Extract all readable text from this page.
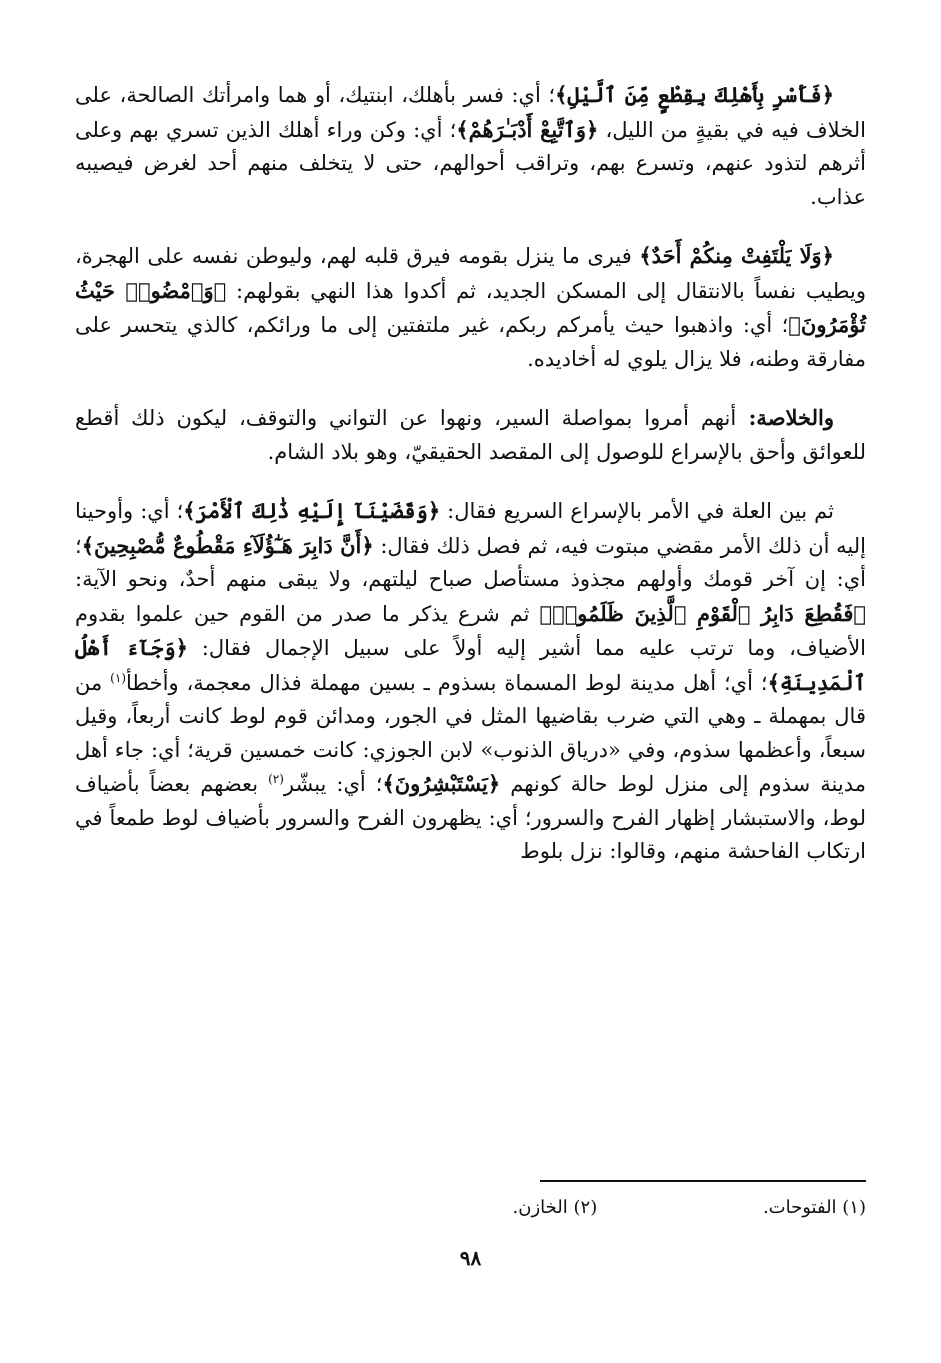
﴿فَأَسْرِ بِأَهْلِكَ بِقِطْعٍ مِّنَ ٱلَّيْلِ﴾؛ أي: فسر بأهلك، ابنتيك، أو هما وامرأتك الصالحة، على الخلاف فيه في بقيةٍ من الليل، ﴿وَٱتَّبِعْ أَدْبَـٰرَهُمْ﴾؛ أي: وكن وراء أهلك الذين تسري بهم وعلى أثرهم لتذود عنهم، وتسرع بهم، وتراقب أحوالهم، حتى لا يتخلف منهم أحد لغرض فيصيبه عذاب.

﴿وَلَا يَلْتَفِتْ مِنكُمْ أَحَدٌ﴾ فيرى ما ينزل بقومه فيرق قلبه لهم، وليوطن نفسه على الهجرة، ويطيب نفساً بالانتقال إلى المسكن الجديد، ثم أكدوا هذا النهي بقولهم: ﴿وَٱمْضُوا۟ حَيْثُ تُؤْمَرُونَ﴾؛ أي: واذهبوا حيث يأمركم ربكم، غير ملتفتين إلى ما ورائكم، كالذي يتحسر على مفارقة وطنه، فلا يزال يلوي له أخاديده.

والخلاصة: أنهم أمروا بمواصلة السير، ونهوا عن التواني والتوقف، ليكون ذلك أقطع للعوائق وأحق بالإسراع للوصول إلى المقصد الحقيقيّ، وهو بلاد الشام.

ثم بين العلة في الأمر بالإسراع السريع فقال: ﴿وَقَضَيْنَآ إِلَيْهِ ذَٰلِكَ ٱلْأَمْرَ﴾؛ أي: وأوحينا إليه أن ذلك الأمر مقضي مبتوت فيه، ثم فصل ذلك فقال: ﴿أَنَّ دَابِرَ هَـٰٓؤُلَآءِ مَقْطُوعٌ مُّصْبِحِينَ﴾؛ أي: إن آخر قومك وأولهم مجذوذ مستأصل صباح ليلتهم، ولا يبقى منهم أحدٌ، ونحو الآية: ﴿فَقُطِعَ دَابِرُ ٱلْقَوْمِ ٱلَّذِينَ ظَلَمُوا۟﴾ ثم شرع يذكر ما صدر من القوم حين علموا بقدوم الأضياف، وما ترتب عليه مما أشير إليه أولاً على سبيل الإجمال فقال: ﴿وَجَآءَ أَهْلُ ٱلْمَدِينَةِ﴾؛ أي؛ أهل مدينة لوط المسماة بسذوم ـ بسين مهملة فذال معجمة، وأخطأ$^{(١)}$ من قال بمهملة ـ وهي التي ضرب بقاضيها المثل في الجور، ومدائن قوم لوط كانت أربعاً، وقيل سبعاً، وأعظمها سذوم، وفي «درياق الذنوب» لابن الجوزي: كانت خمسين قرية؛ أي: جاء أهل مدينة سذوم إلى منزل لوط حالة كونهم ﴿يَسْتَبْشِرُونَ﴾؛ أي: يبشّر$^{(٢)}$ بعضهم بعضاً بأضياف لوط، والاستبشار إظهار الفرح والسرور؛ أي: يظهرون الفرح والسرور بأضياف لوط طمعاً في ارتكاب الفاحشة منهم، وقالوا: نزل بلوط

(١) الفتوحات. (٢) الخازن.
٩٨
